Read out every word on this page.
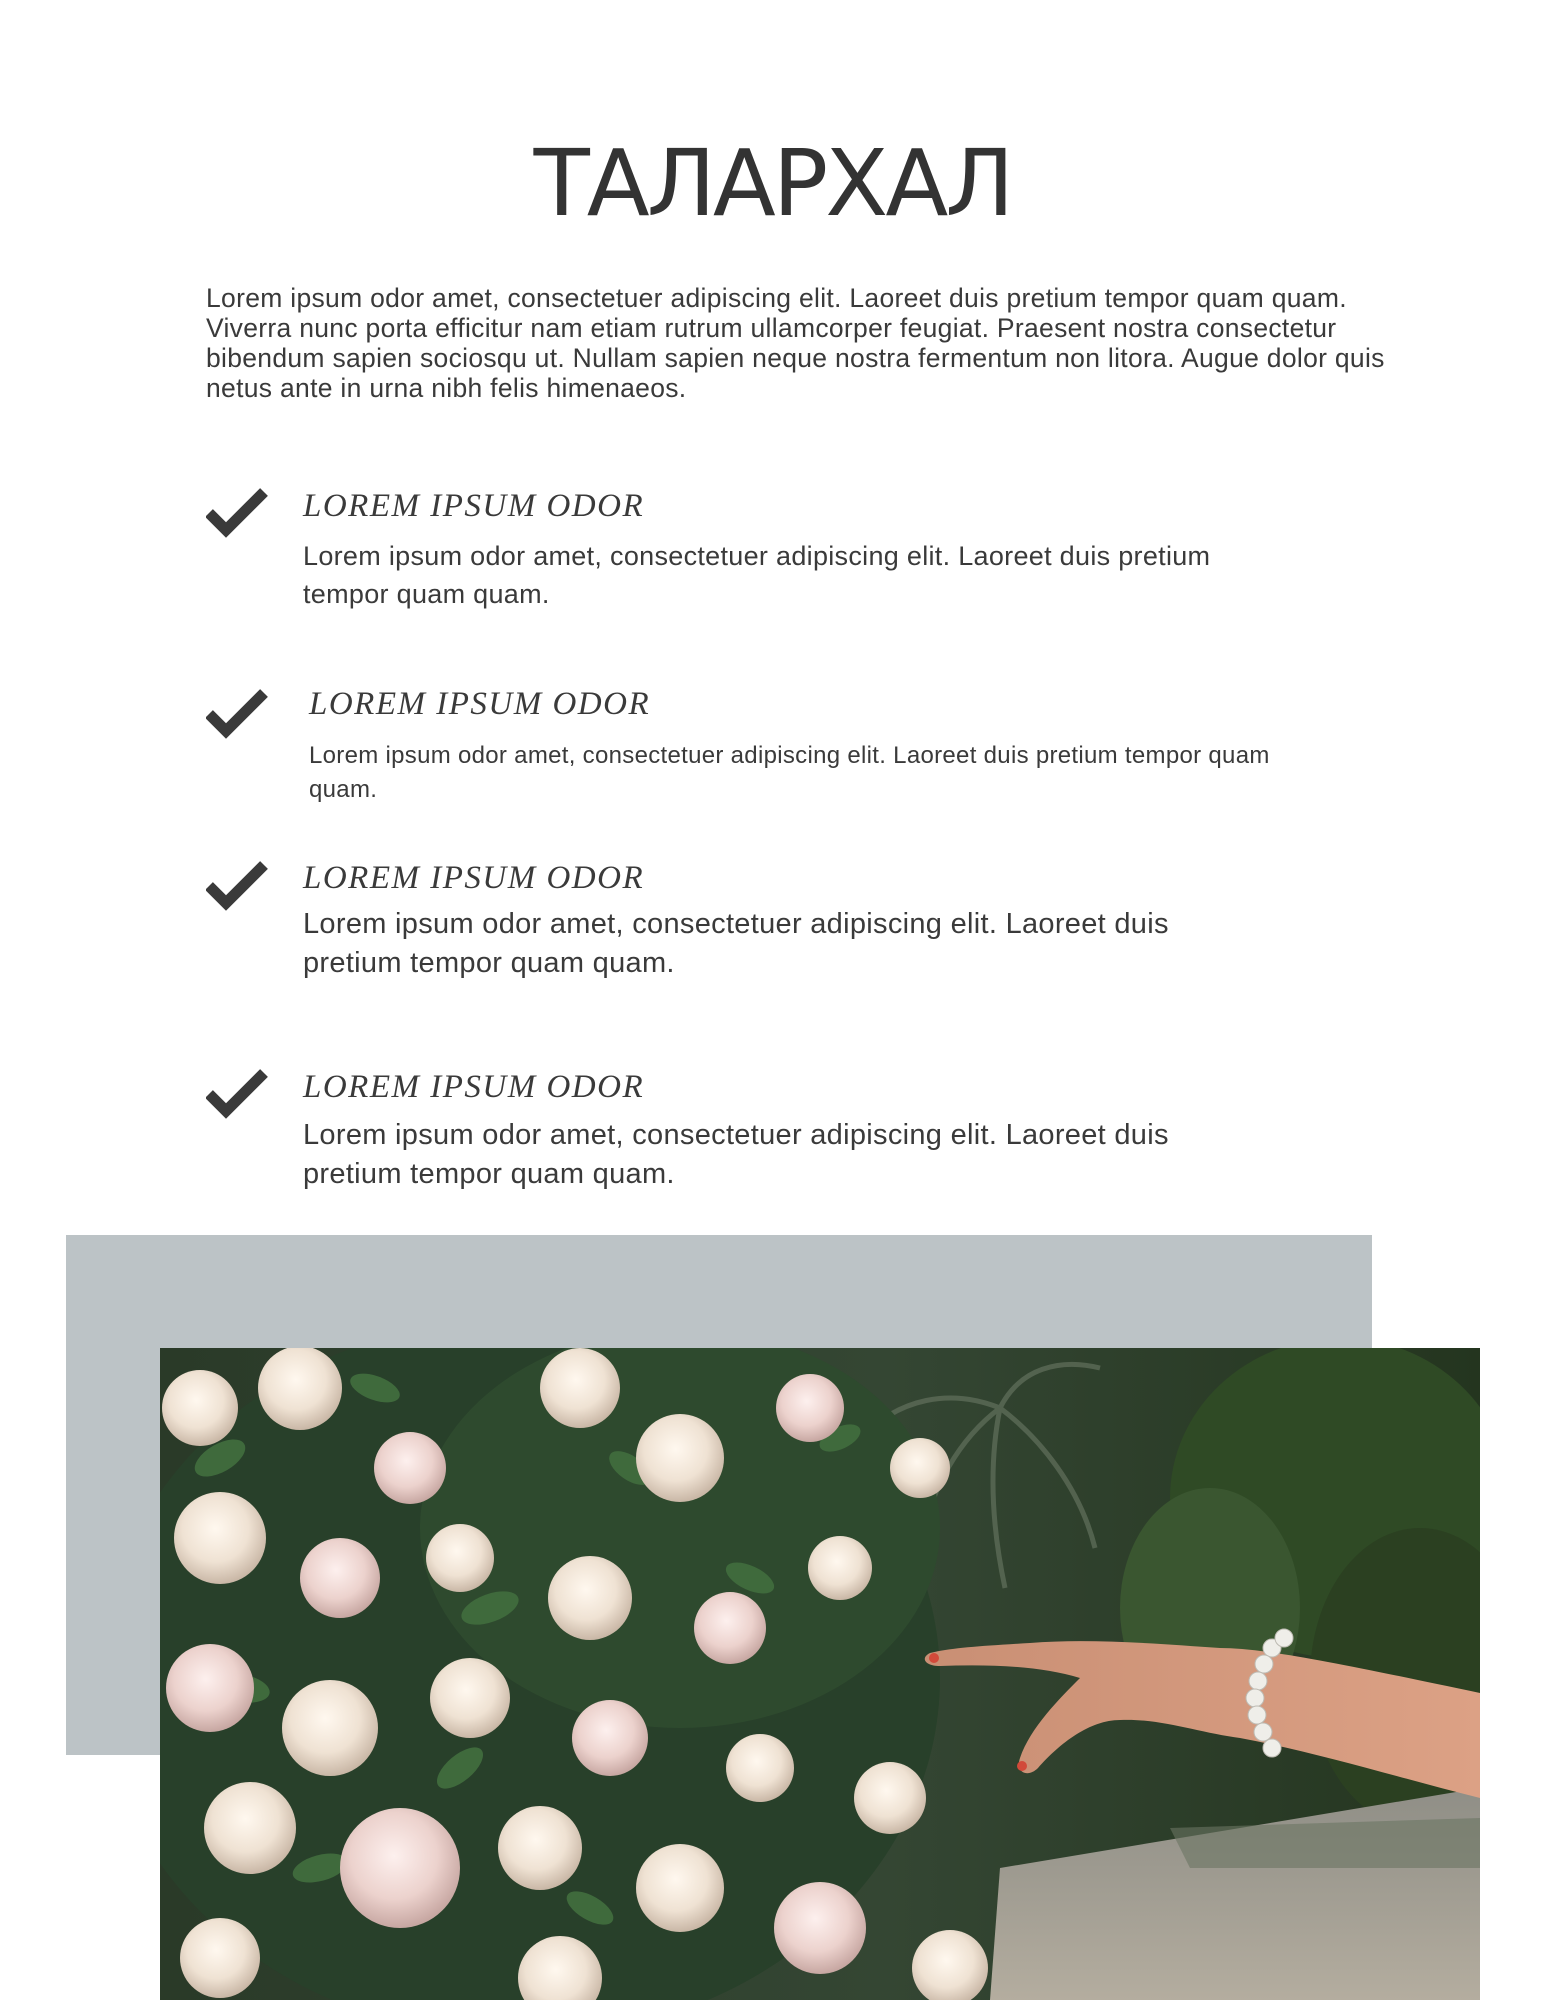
ТАЛАРХАЛ

Lorem ipsum odor amet, consectetuer adipiscing elit. Laoreet duis pretium tempor quam quam. Viverra nunc porta efficitur nam etiam rutrum ullamcorper feugiat. Praesent nostra consectetur bibendum sapien sociosqu ut. Nullam sapien neque nostra fermentum non litora. Augue dolor quis netus ante in urna nibh felis himenaeos.

LOREM IPSUM ODOR

Lorem ipsum odor amet, consectetuer adipiscing elit. Laoreet duis pretium tempor quam quam.

LOREM IPSUM ODOR

Lorem ipsum odor amet, consectetuer adipiscing elit. Laoreet duis pretium tempor quam quam.

LOREM IPSUM ODOR

Lorem ipsum odor amet, consectetuer adipiscing elit. Laoreet duis pretium tempor quam quam.

LOREM IPSUM ODOR

Lorem ipsum odor amet, consectetuer adipiscing elit. Laoreet duis pretium tempor quam quam.
